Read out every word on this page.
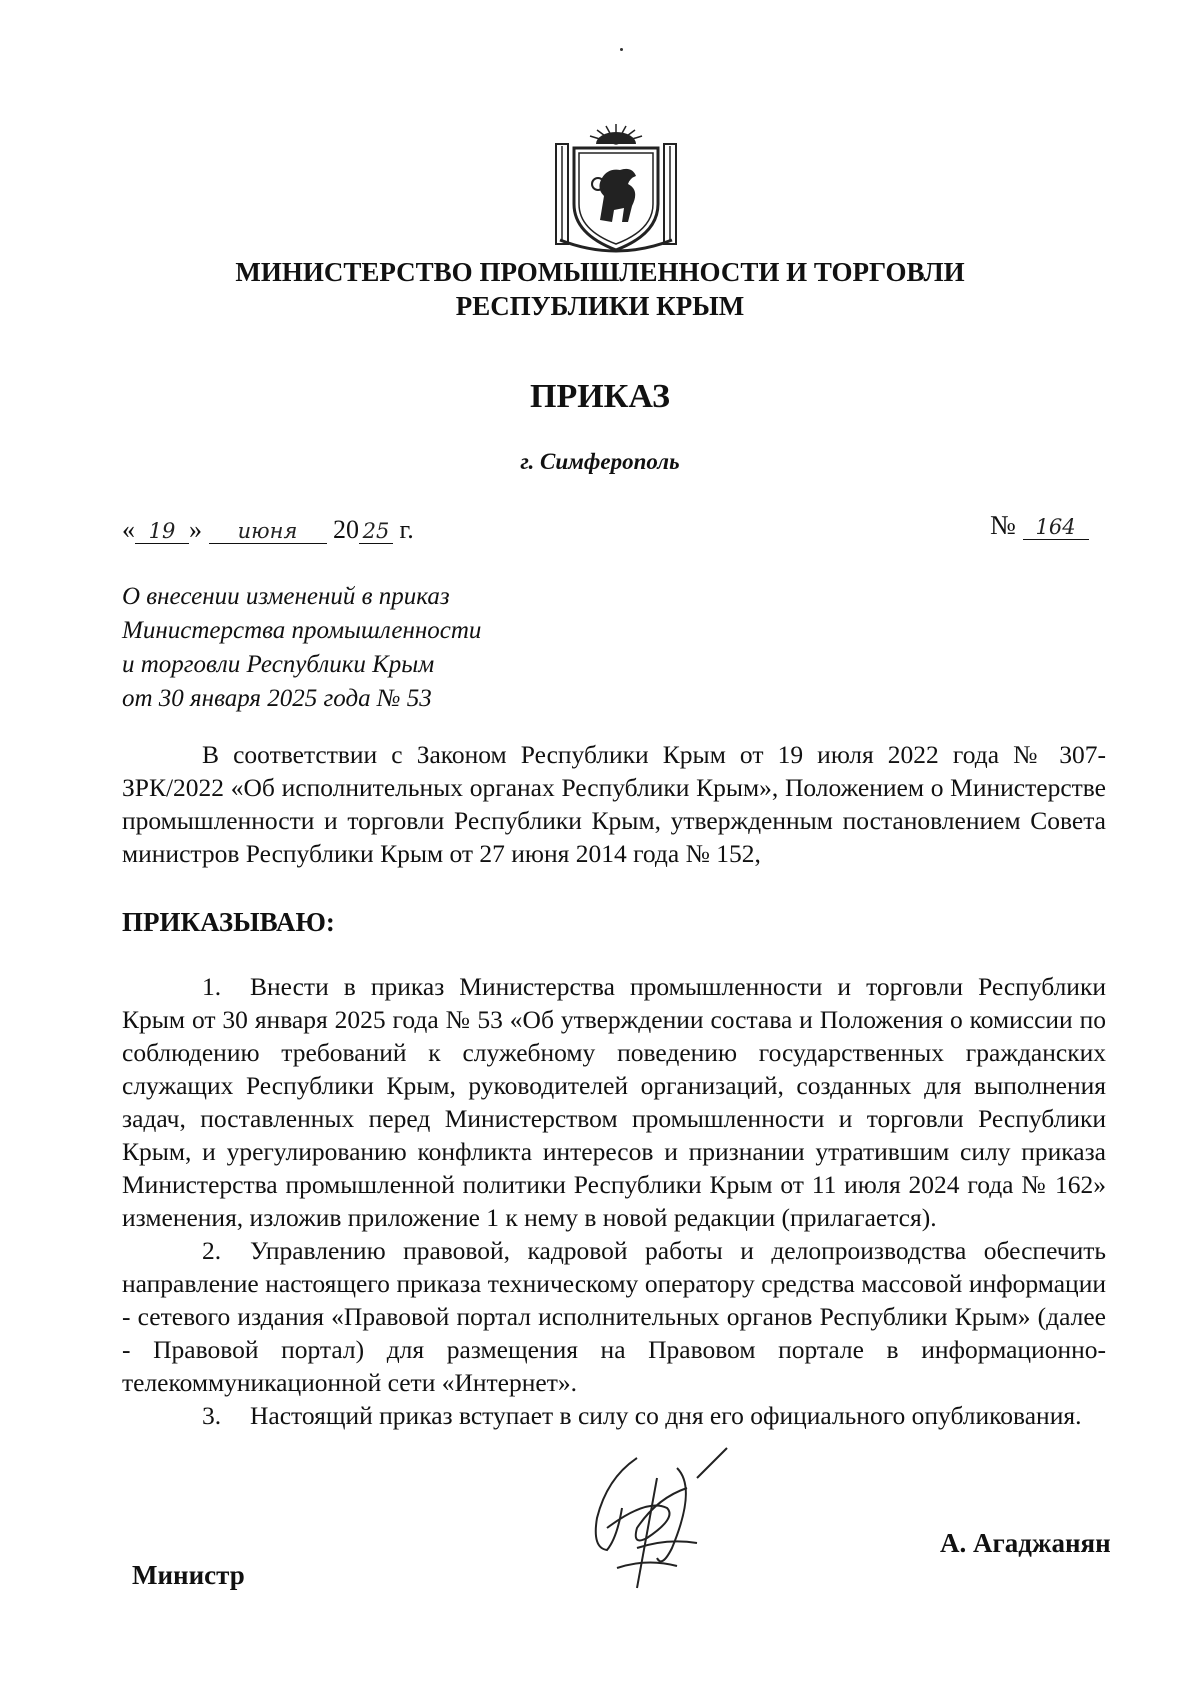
МИНИСТЕРСТВО ПРОМЫШЛЕННОСТИ И ТОРГОВЛИ
РЕСПУБЛИКИ КРЫМ
ПРИКАЗ
г. Симферополь
« 19 » июня 20 25 г.	№ 164
О внесении изменений в приказ
Министерства промышленности
и торговли Республики Крым
от 30 января 2025 года № 53
В соответствии с Законом Республики Крым от 19 июля 2022 года № 307-ЗРК/2022 «Об исполнительных органах Республики Крым», Положением о Министерстве промышленности и торговли Республики Крым, утвержденным постановлением Совета министров Республики Крым от 27 июня 2014 года № 152,
ПРИКАЗЫВАЮ:
1. Внести в приказ Министерства промышленности и торговли Республики Крым от 30 января 2025 года № 53 «Об утверждении состава и Положения о комиссии по соблюдению требований к служебному поведению государственных гражданских служащих Республики Крым, руководителей организаций, созданных для выполнения задач, поставленных перед Министерством промышленности и торговли Республики Крым, и урегулированию конфликта интересов и признании утратившим силу приказа Министерства промышленной политики Республики Крым от 11 июля 2024 года № 162» изменения, изложив приложение 1 к нему в новой редакции (прилагается).
2. Управлению правовой, кадровой работы и делопроизводства обеспечить направление настоящего приказа техническому оператору средства массовой информации - сетевого издания «Правовой портал исполнительных органов Республики Крым» (далее - Правовой портал) для размещения на Правовом портале в информационно-телекоммуникационной сети «Интернет».
3. Настоящий приказ вступает в силу со дня его официального опубликования.
Министр
А. Агаджанян
